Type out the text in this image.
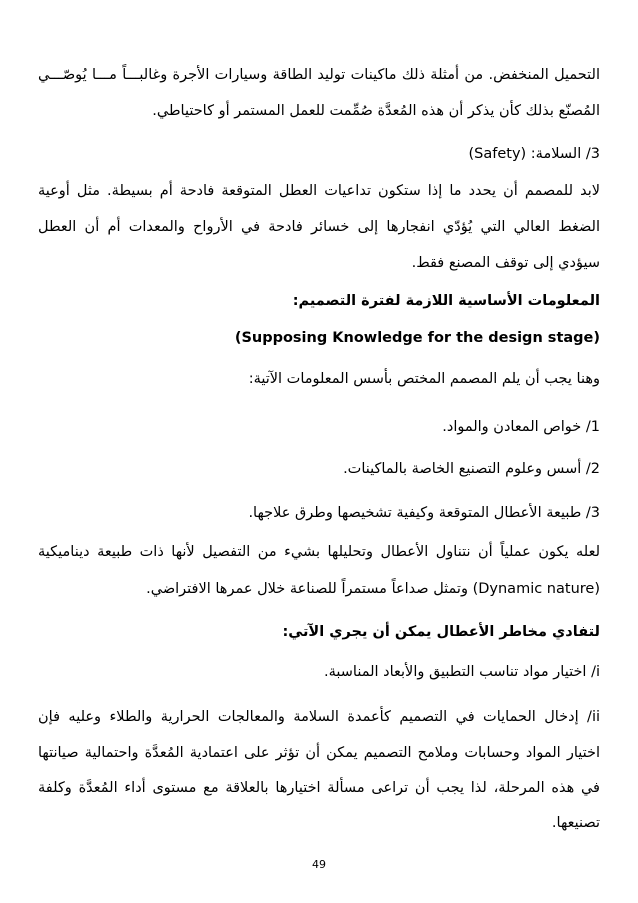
التحميل المنخفض. من أمثلة ذلك ماكينات توليد الطاقة وسيارات الأجرة وغالبـــاً مـــا يُوصّـــي
المُصنّع بذلك كأن يذكر أن هذه المُعدَّة صُمِّمت للعمل المستمر أو كاحتياطي.
3/ السلامة: (Safety)
لابد للمصمم أن يحدد ما إذا ستكون تداعيات العطل المتوقعة فادحة أم بسيطة. مثل أوعية
الضغط العالي التي يُؤدّي انفجارها إلى خسائر فادحة في الأرواح والمعدات أم أن العطل
سيؤدي إلى توقف المصنع فقط.
المعلومات الأساسية اللازمة لفترة التصميم:
(Supposing Knowledge for the design stage)
وهنا يجب أن يلم المصمم المختص بأُسس المعلومات الآتية:
1/ خواص المعادن والمواد.
2/ أسس وعلوم التصنيع الخاصة بالماكينات.
3/ طبيعة الأعطال المتوقعة وكيفية تشخيصها وطرق علاجها.
لعله يكون عملياً أن نتناول الأعطال وتحليلها بشيء من التفصيل لأنها ذات طبيعة ديناميكية
(Dynamic nature) وتمثل صداعاً مستمراً للصناعة خلال عمرها الافتراضي.
لتفادي مخاطر الأعطال يمكن أن يجري الآتي:
i/ اختيار مواد تناسب التطبيق والأبعاد المناسبة.
ii/ إدخال الحمايات في التصميم كأعمدة السلامة والمعالجات الحرارية والطلاء وعليه فإن
اختيار المواد وحسابات وملامح التصميم يمكن أن تؤثر على اعتمادية المُعدَّة واحتمالية صيانتها
في هذه المرحلة، لذا يجب أن تراعى مسألة اختيارها بالعلاقة مع مستوى أداء المُعدَّة وكلفة
تصنيعها.
49
